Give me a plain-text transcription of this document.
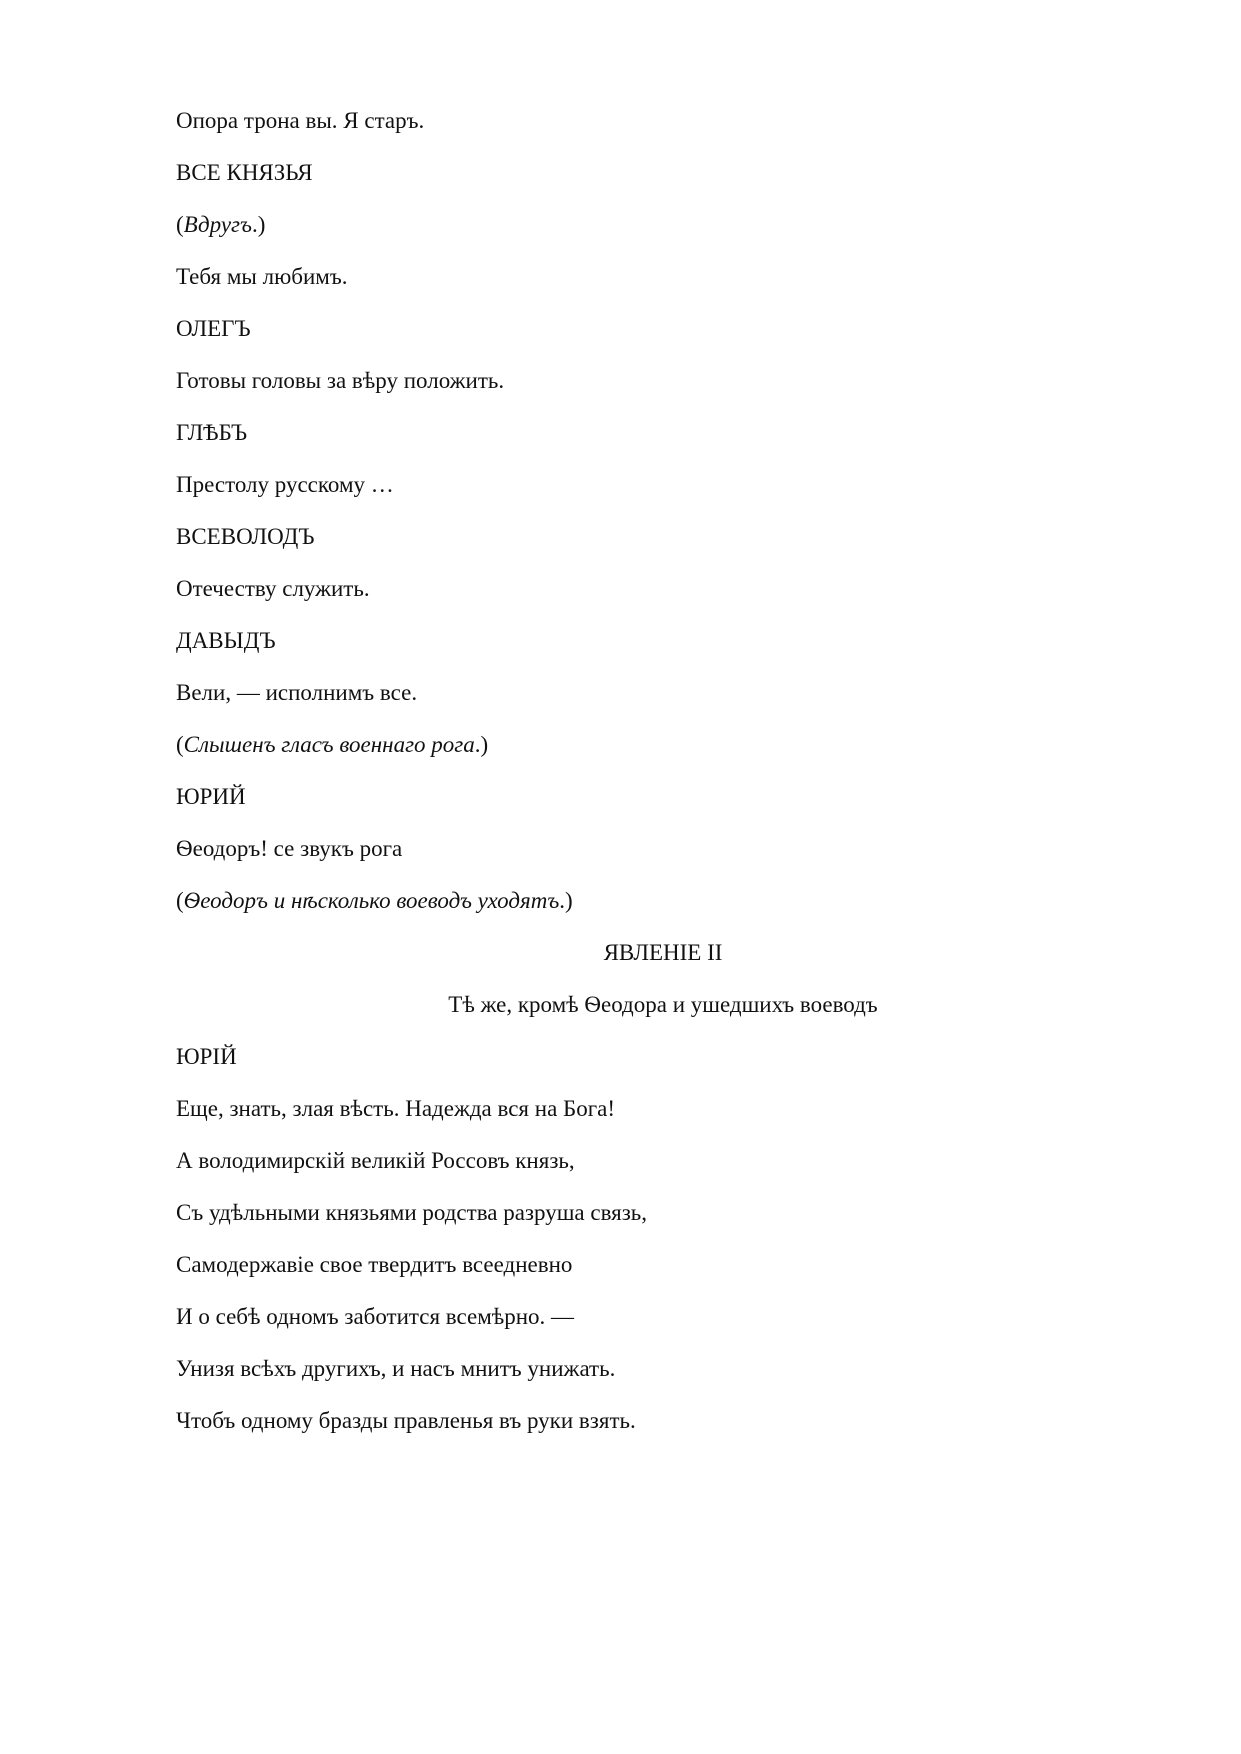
Опора трона вы. Я старъ.
ВСЕ КНЯЗЬЯ
(Вдругъ.)
Тебя мы любимъ.
ОЛЕГЪ
Готовы головы за вѣру положить.
ГЛѢБЪ
Престолу русскому …
ВСЕВОЛОДЪ
Отечеству служить.
ДАВЫДЪ
Вели, — исполнимъ все.
(Слышенъ гласъ военнаго рога.)
ЮРИЙ
Ѳеодоръ! се звукъ рога
(Ѳеодоръ и нѣсколько воеводъ уходятъ.)
ЯВЛЕНІЕ II
Тѣ же, кромѣ Ѳеодора и ушедшихъ воеводъ
ЮРІЙ
Еще, знать, злая вѣсть. Надежда вся на Бога!
А володимирскій великій Россовъ князь,
Съ удѣльными князьями родства разруша связь,
Самодержавіе свое твердитъ всеедневно
И о себѣ одномъ заботится всемѣрно. —
Унизя всѣхъ другихъ, и насъ мнитъ унижать.
Чтобъ одному бразды правленья въ руки взять.
